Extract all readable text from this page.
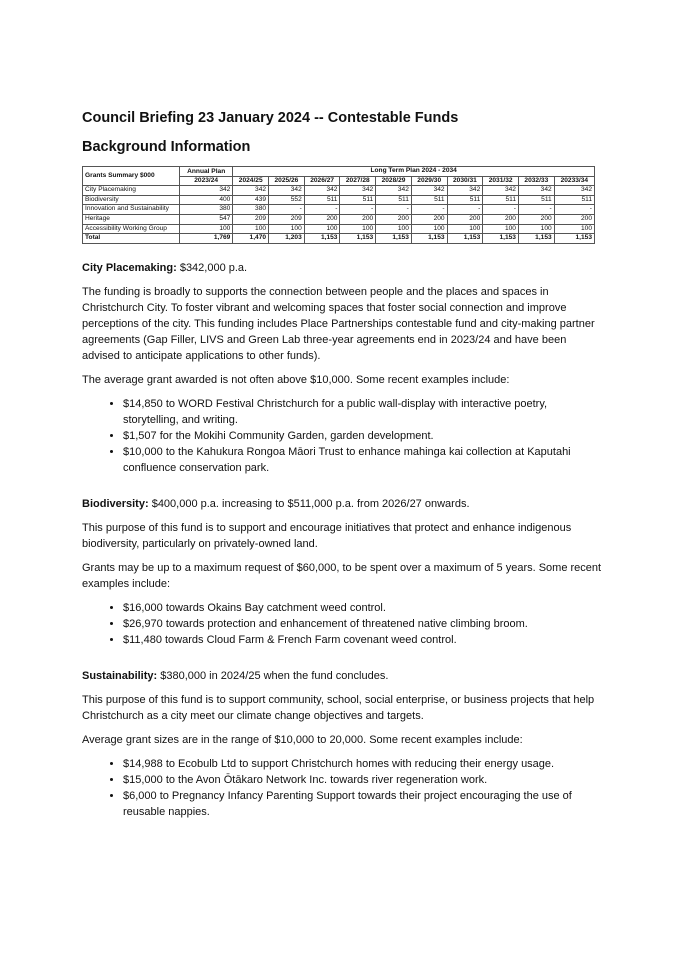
Council Briefing 23 January 2024 -- Contestable Funds
Background Information
Grants Summary $000	Annual Plan	Long Term Plan 2024 - 2034									
	2023/24	2024/25	2025/26	2026/27	2027/28	2028/29	2029/30	2030/31	2031/32	2032/33	20233/34
City Placemaking	342	342	342	342	342	342	342	342	342	342	342
Biodiversity	400	439	552	511	511	511	511	511	511	511	511
Innovation and Sustainability	380	380	-	-	-	-	-	-	-	-	-
Heritage	547	209	209	200	200	200	200	200	200	200	200
Accessibility Working Group	100	100	100	100	100	100	100	100	100	100	100
Total	1,769	1,470	1,203	1,153	1,153	1,153	1,153	1,153	1,153	1,153	1,153

City Placemaking: $342,000 p.a.

The funding is broadly to supports the connection between people and the places and spaces in Christchurch City. To foster vibrant and welcoming spaces that foster social connection and improve perceptions of the city. This funding includes Place Partnerships contestable fund and city-making partner agreements (Gap Filler, LIVS and Green Lab three-year agreements end in 2023/24 and have been advised to anticipate applications to other funds).

The average grant awarded is not often above $10,000. Some recent examples include:

• $14,850 to WORD Festival Christchurch for a public wall-display with interactive poetry, storytelling, and writing.
• $1,507 for the Mokihi Community Garden, garden development.
• $10,000 to the Kahukura Rongoa Māori Trust to enhance mahinga kai collection at Kaputahi confluence conservation park.

Biodiversity: $400,000 p.a. increasing to $511,000 p.a. from 2026/27 onwards.

This purpose of this fund is to support and encourage initiatives that protect and enhance indigenous biodiversity, particularly on privately-owned land.

Grants may be up to a maximum request of $60,000, to be spent over a maximum of 5 years. Some recent examples include:

• $16,000 towards Okains Bay catchment weed control.
• $26,970 towards protection and enhancement of threatened native climbing broom.
• $11,480 towards Cloud Farm & French Farm covenant weed control.

Sustainability: $380,000 in 2024/25 when the fund concludes.

This purpose of this fund is to support community, school, social enterprise, or business projects that help Christchurch as a city meet our climate change objectives and targets.

Average grant sizes are in the range of $10,000 to 20,000. Some recent examples include:

• $14,988 to Ecobulb Ltd to support Christchurch homes with reducing their energy usage.
• $15,000 to the Avon Ōtākaro Network Inc. towards river regeneration work.
• $6,000 to Pregnancy Infancy Parenting Support towards their project encouraging the use of reusable nappies.
